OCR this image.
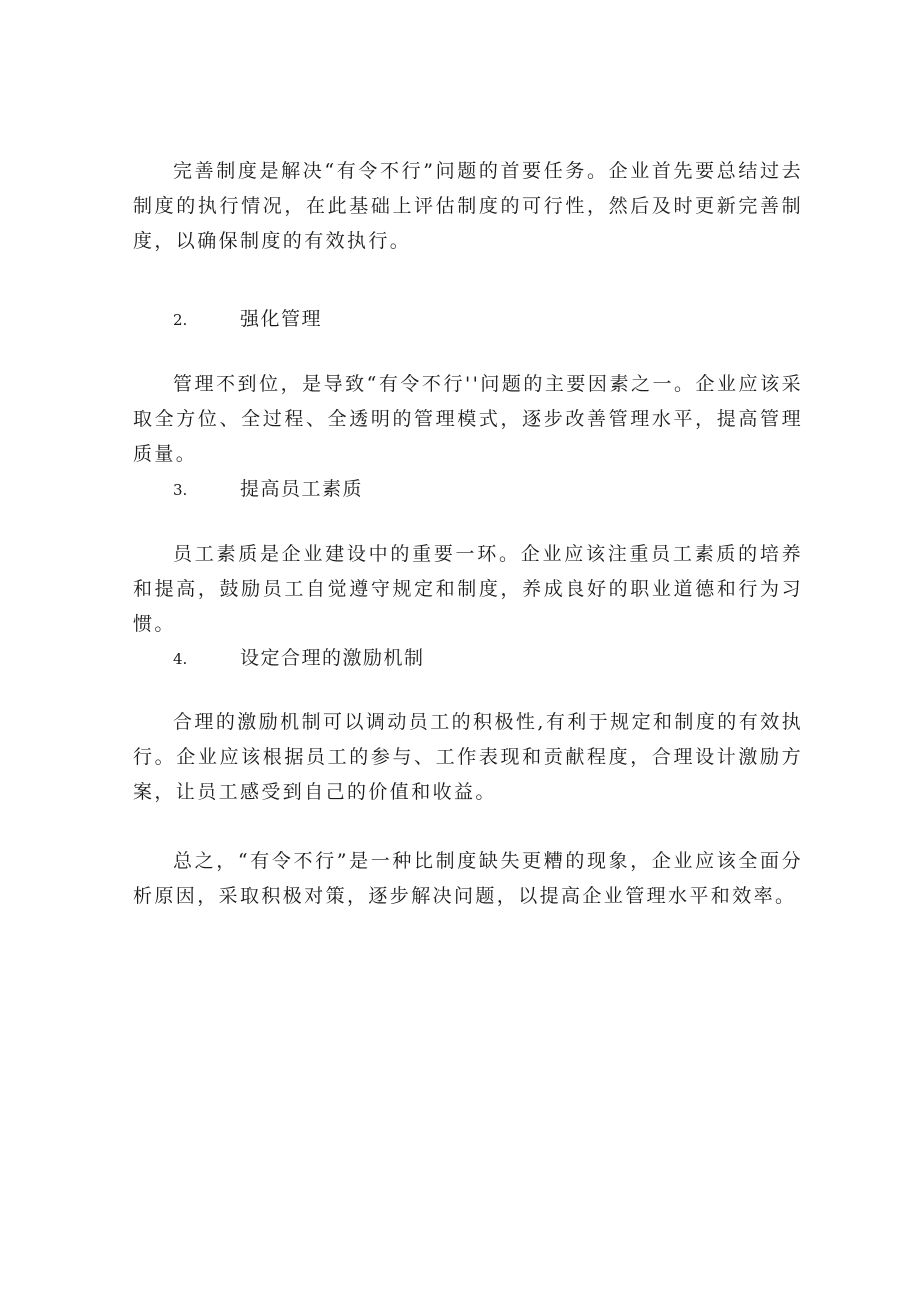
完善制度是解决“有令不行”问题的首要任务。企业首先要总结过去制度的执行情况，在此基础上评估制度的可行性，然后及时更新完善制度，以确保制度的有效执行。

2.	强化管理

管理不到位，是导致“有令不行''问题的主要因素之一。企业应该采取全方位、全过程、全透明的管理模式，逐步改善管理水平，提高管理质量。

3.	提高员工素质

员工素质是企业建设中的重要一环。企业应该注重员工素质的培养和提高，鼓励员工自觉遵守规定和制度，养成良好的职业道德和行为习惯。

4.	设定合理的激励机制

合理的激励机制可以调动员工的积极性,有利于规定和制度的有效执行。企业应该根据员工的参与、工作表现和贡献程度，合理设计激励方案，让员工感受到自己的价值和收益。

总之，“有令不行”是一种比制度缺失更糟的现象，企业应该全面分析原因，采取积极对策，逐步解决问题，以提高企业管理水平和效率。
